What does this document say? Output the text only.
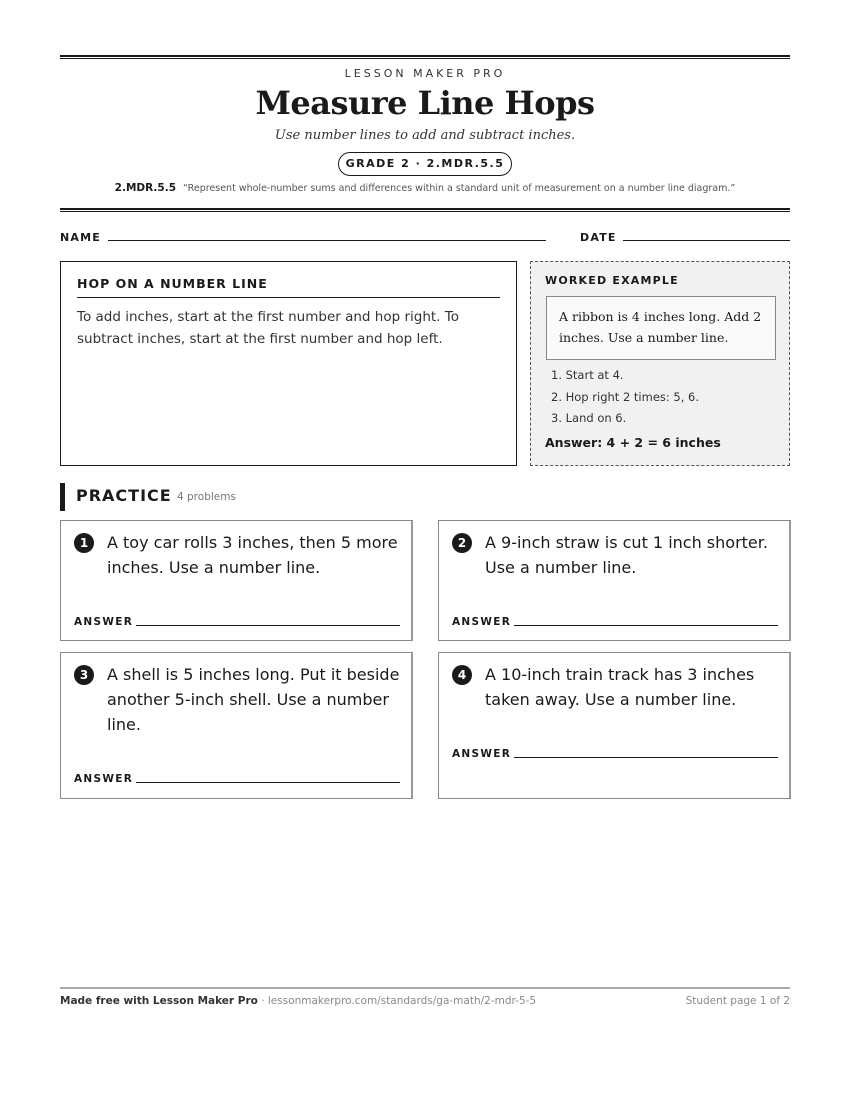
LESSON MAKER PRO
Measure Line Hops
Use number lines to add and subtract inches.
GRADE 2 · 2.MDR.5.5
2.MDR.5.5 “Represent whole-number sums and differences within a standard unit of measurement on a number line diagram.”
NAME	DATE
HOP ON A NUMBER LINE
To add inches, start at the first number and hop right. To subtract inches, start at the first number and hop left.
WORKED EXAMPLE
A ribbon is 4 inches long. Add 2 inches. Use a number line.
1. Start at 4.
2. Hop right 2 times: 5, 6.
3. Land on 6.
Answer: 4 + 2 = 6 inches
PRACTICE 4 problems
1	A toy car rolls 3 inches, then 5 more inches. Use a number line.
ANSWER
2	A 9-inch straw is cut 1 inch shorter. Use a number line.
ANSWER
3	A shell is 5 inches long. Put it beside another 5-inch shell. Use a number line.
ANSWER
4	A 10-inch train track has 3 inches taken away. Use a number line.
ANSWER
Made free with Lesson Maker Pro · lessonmakerpro.com/standards/ga-math/2-mdr-5-5	Student page 1 of 2
